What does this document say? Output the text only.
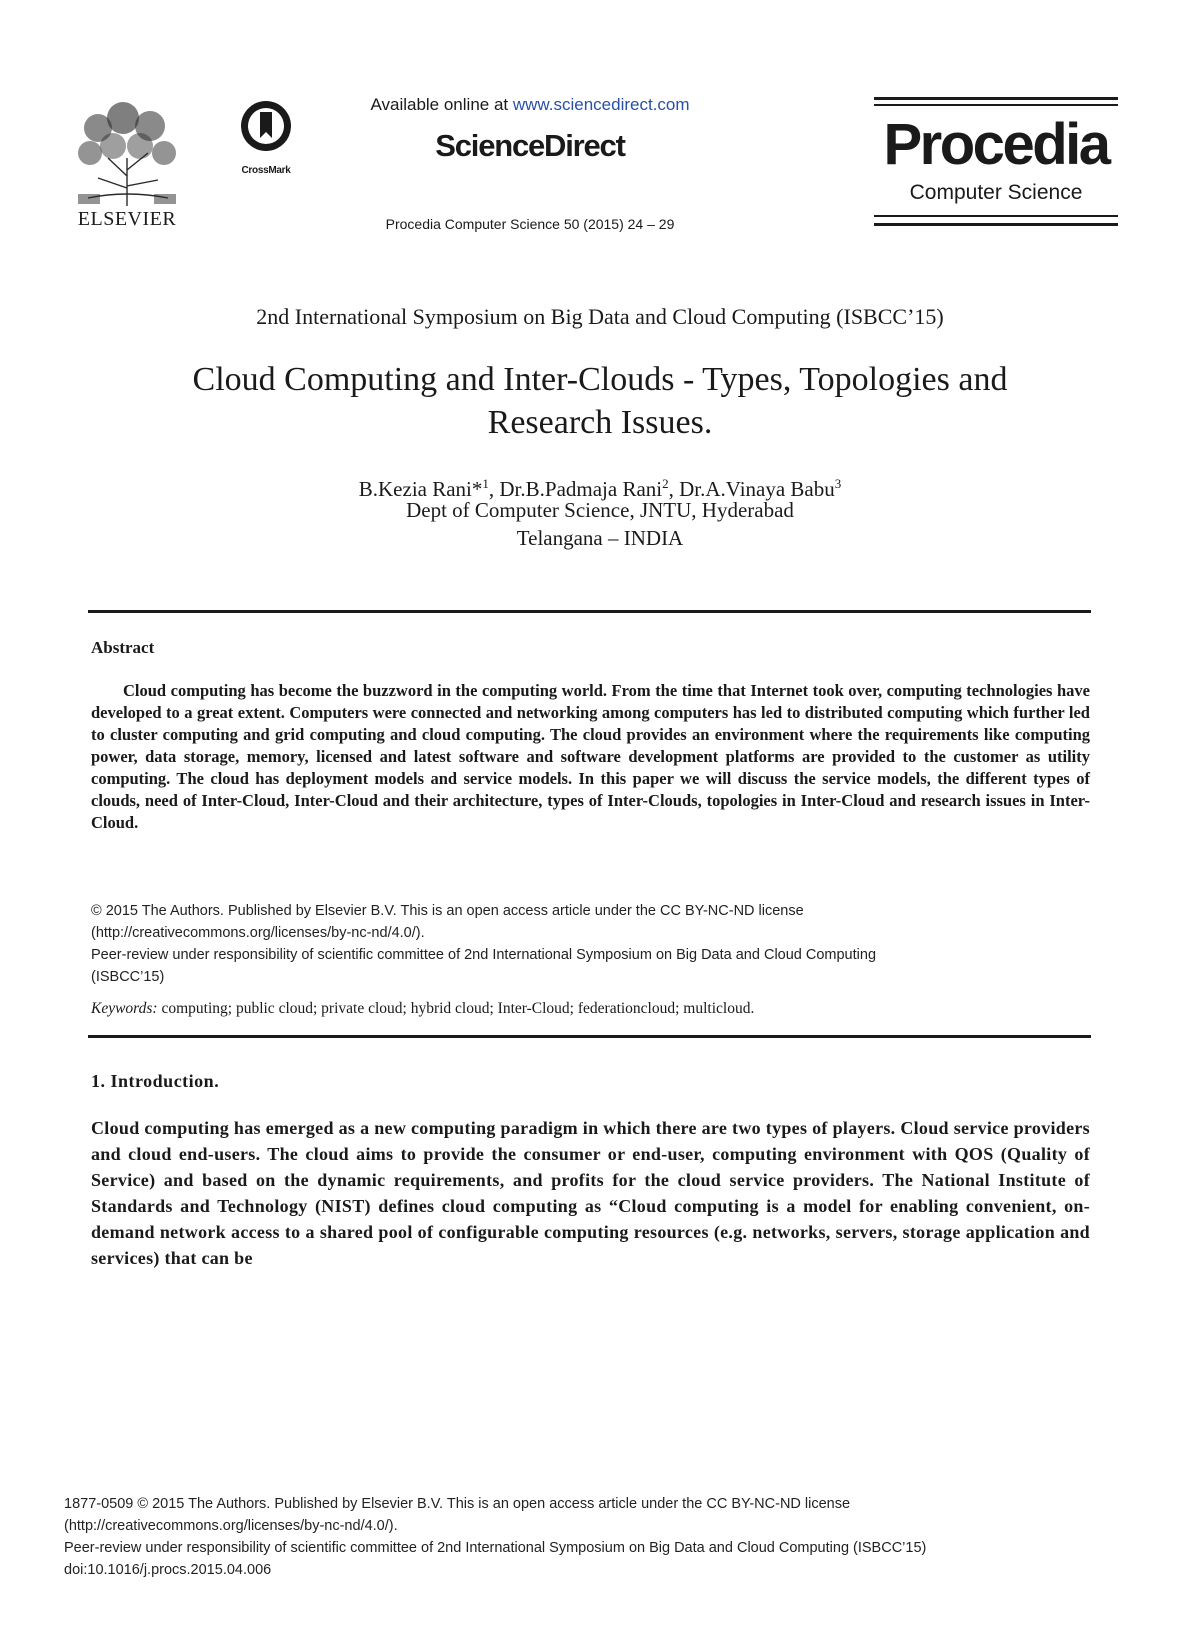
ELSEVIER
CrossMark
Available online at www.sciencedirect.com
ScienceDirect
Procedia Computer Science 50 (2015) 24 – 29
Procedia
Computer Science
2nd International Symposium on Big Data and Cloud Computing (ISBCC’15)
Cloud Computing and Inter-Clouds - Types, Topologies and
Research Issues.
B.Kezia Rani*$^1$, Dr.B.Padmaja Rani$^2$, Dr.A.Vinaya Babu$^3$
Dept of Computer Science, JNTU, Hyderabad
Telangana – INDIA
Abstract
Cloud computing has become the buzzword in the computing world. From the time that Internet took over, computing technologies have developed to a great extent. Computers were connected and networking among computers has led to distributed computing which further led to cluster computing and grid computing and cloud computing. The cloud provides an environment where the requirements like computing power, data storage, memory, licensed and latest software and software development platforms are provided to the customer as utility computing. The cloud has deployment models and service models. In this paper we will discuss the service models, the different types of clouds, need of Inter-Cloud, Inter-Cloud and their architecture, types of Inter-Clouds, topologies in Inter-Cloud and research issues in Inter-Cloud.
© 2015 The Authors. Published by Elsevier B.V. This is an open access article under the CC BY-NC-ND license
(http://creativecommons.org/licenses/by-nc-nd/4.0/).
Peer-review under responsibility of scientific committee of 2nd International Symposium on Big Data and Cloud Computing
(ISBCC’15)
Keywords: computing; public cloud; private cloud; hybrid cloud; Inter-Cloud; federationcloud; multicloud.
1. Introduction.
Cloud computing has emerged as a new computing paradigm in which there are two types of players. Cloud service providers and cloud end-users. The cloud aims to provide the consumer or end-user, computing environment with QOS (Quality of Service) and based on the dynamic requirements, and profits for the cloud service providers. The National Institute of Standards and Technology (NIST) defines cloud computing as “Cloud computing is a model for enabling convenient, on-demand network access to a shared pool of configurable computing resources (e.g. networks, servers, storage application and services) that can be
1877-0509 © 2015 The Authors. Published by Elsevier B.V. This is an open access article under the CC BY-NC-ND license
(http://creativecommons.org/licenses/by-nc-nd/4.0/).
Peer-review under responsibility of scientific committee of 2nd International Symposium on Big Data and Cloud Computing (ISBCC’15)
doi:10.1016/j.procs.2015.04.006
